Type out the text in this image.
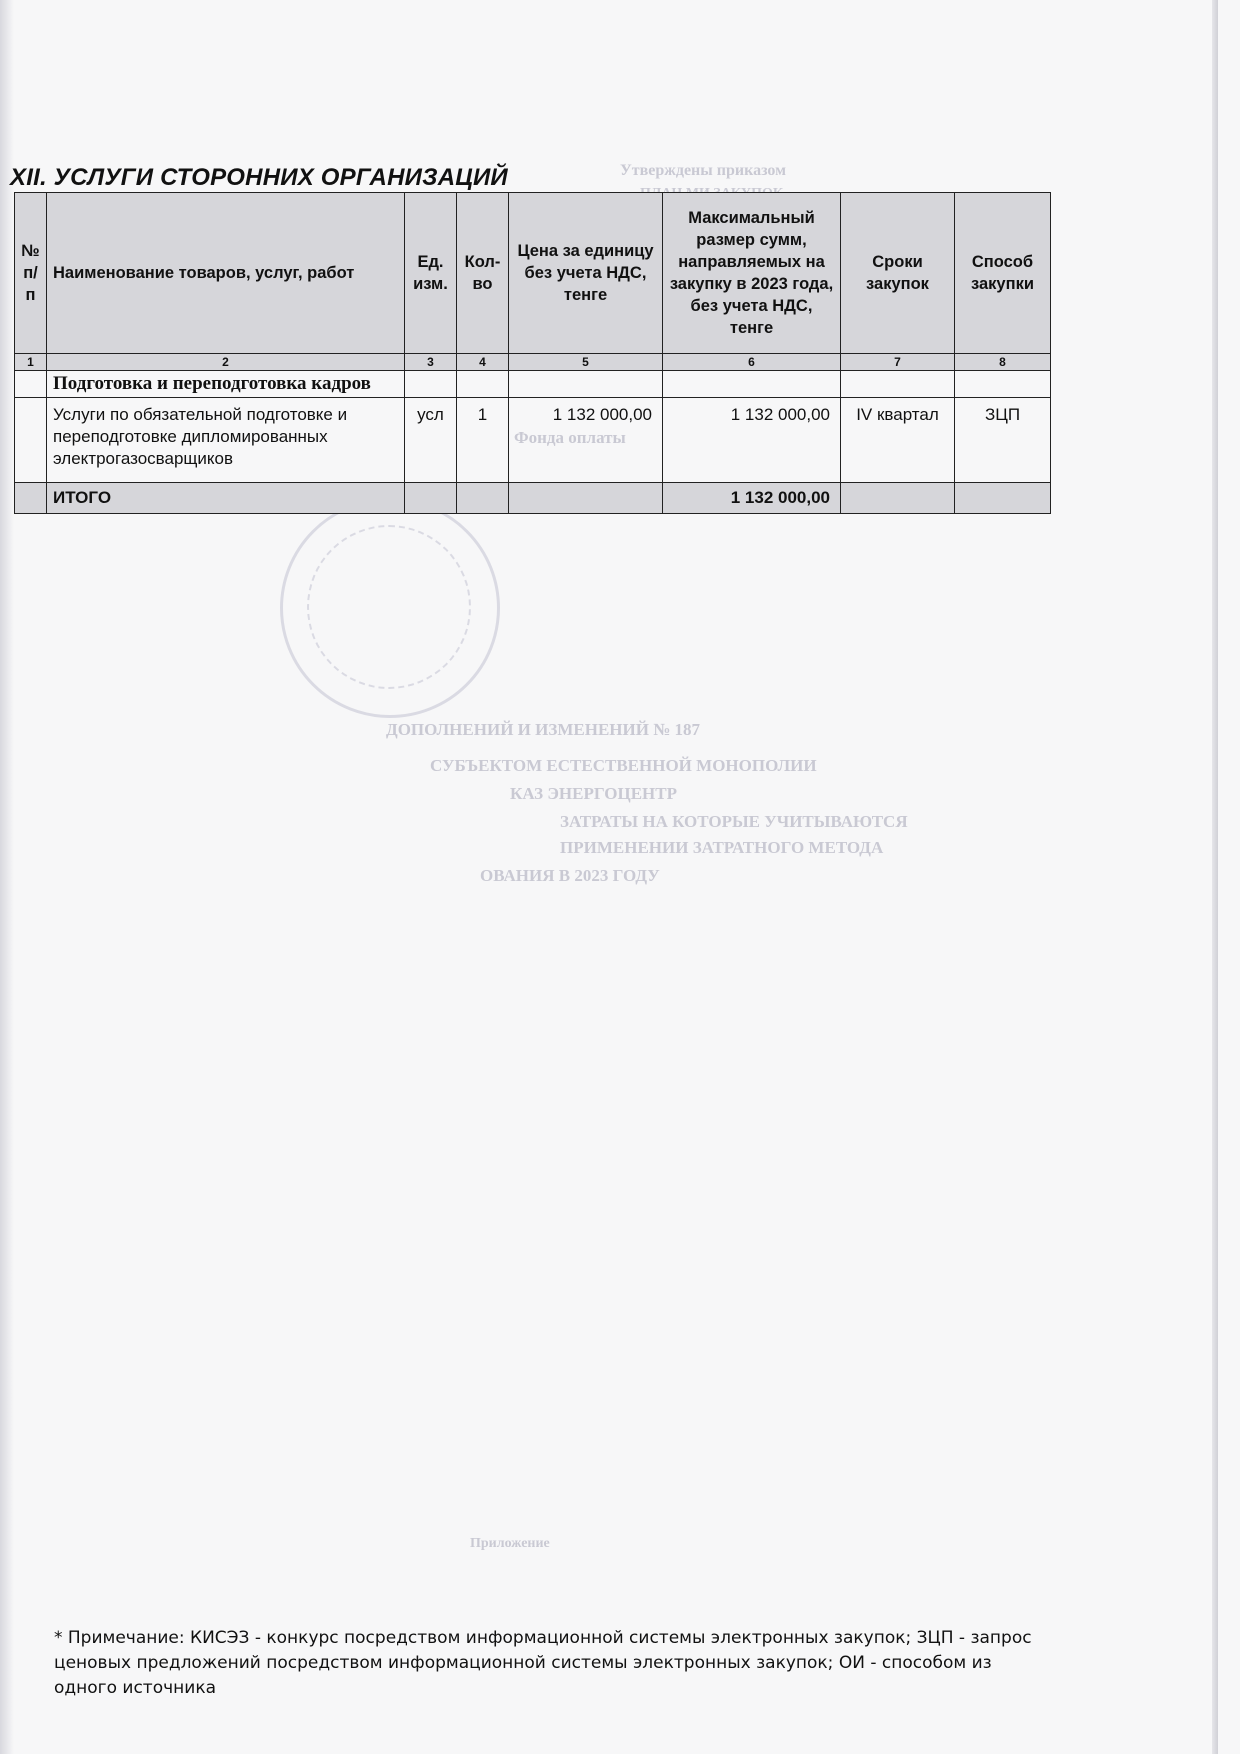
Утверждены приказом
Фонда оплаты
ДОПОЛНЕНИЙ И ИЗМЕНЕНИЙ № 187
СУБЪЕКТОМ ЕСТЕСТВЕННОЙ МОНОПОЛИИ
КАЗ ЭНЕРГОЦЕНТР
ЗАТРАТЫ НА КОТОРЫЕ УЧИТЫВАЮТСЯ
ПРИМЕНЕНИИ ЗАТРАТНОГО МЕТОДА
ОВАНИЯ В 2023 ГОДУ
Приложение
XII. УСЛУГИ СТОРОННИХ ОРГАНИЗАЦИЙ
№ п/п	Наименование товаров, услуг, работ	Ед. изм.	Кол-во	Цена за единицу без учета НДС, тенге	Максимальный размер сумм, направляемых на закупку в 2023 года, без учета НДС, тенге	Сроки закупок	Способ закупки
1	2	3	4	5	6	7	8
	Подготовка и переподготовка кадров						
	Услуги по обязательной подготовке и переподготовке дипломированных электрогазосварщиков	усл	1	1 132 000,00	1 132 000,00	IV квартал	ЗЦП
	ИТОГО				1 132 000,00		
* Примечание: КИСЭЗ - конкурс посредством информационной системы электронных закупок; ЗЦП - запрос ценовых предложений посредством информационной системы электронных закупок; ОИ - способом из одного источника
